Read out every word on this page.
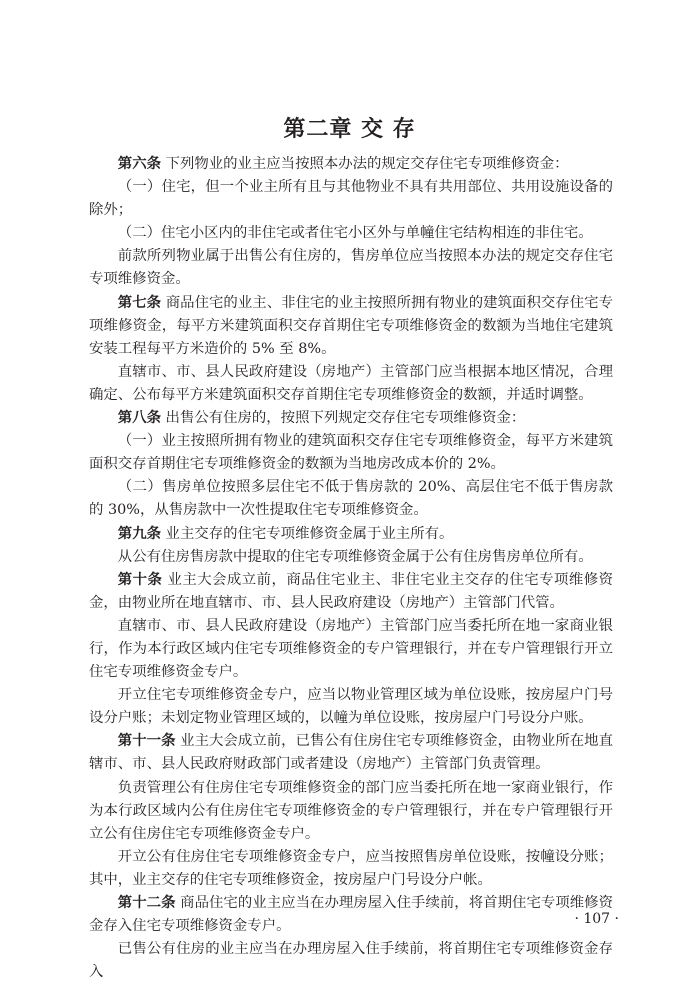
第二章 交 存

第六条 下列物业的业主应当按照本办法的规定交存住宅专项维修资金：

（一）住宅，但一个业主所有且与其他物业不具有共用部位、共用设施设备的除外；

（二）住宅小区内的非住宅或者住宅小区外与单幢住宅结构相连的非住宅。

前款所列物业属于出售公有住房的，售房单位应当按照本办法的规定交存住宅专项维修资金。

第七条 商品住宅的业主、非住宅的业主按照所拥有物业的建筑面积交存住宅专项维修资金，每平方米建筑面积交存首期住宅专项维修资金的数额为当地住宅建筑安装工程每平方米造价的 5% 至 8%。

直辖市、市、县人民政府建设（房地产）主管部门应当根据本地区情况，合理确定、公布每平方米建筑面积交存首期住宅专项维修资金的数额，并适时调整。

第八条 出售公有住房的，按照下列规定交存住宅专项维修资金：

（一）业主按照所拥有物业的建筑面积交存住宅专项维修资金，每平方米建筑面积交存首期住宅专项维修资金的数额为当地房改成本价的 2%。

（二）售房单位按照多层住宅不低于售房款的 20%、高层住宅不低于售房款的 30%，从售房款中一次性提取住宅专项维修资金。

第九条 业主交存的住宅专项维修资金属于业主所有。

从公有住房售房款中提取的住宅专项维修资金属于公有住房售房单位所有。

第十条 业主大会成立前，商品住宅业主、非住宅业主交存的住宅专项维修资金，由物业所在地直辖市、市、县人民政府建设（房地产）主管部门代管。

直辖市、市、县人民政府建设（房地产）主管部门应当委托所在地一家商业银行，作为本行政区域内住宅专项维修资金的专户管理银行，并在专户管理银行开立住宅专项维修资金专户。

开立住宅专项维修资金专户，应当以物业管理区域为单位设账，按房屋户门号设分户账；未划定物业管理区域的，以幢为单位设账，按房屋户门号设分户账。

第十一条 业主大会成立前，已售公有住房住宅专项维修资金，由物业所在地直辖市、市、县人民政府财政部门或者建设（房地产）主管部门负责管理。

负责管理公有住房住宅专项维修资金的部门应当委托所在地一家商业银行，作为本行政区域内公有住房住宅专项维修资金的专户管理银行，并在专户管理银行开立公有住房住宅专项维修资金专户。

开立公有住房住宅专项维修资金专户，应当按照售房单位设账，按幢设分账；其中，业主交存的住宅专项维修资金，按房屋户门号设分户帐。

第十二条 商品住宅的业主应当在办理房屋入住手续前，将首期住宅专项维修资金存入住宅专项维修资金专户。

已售公有住房的业主应当在办理房屋入住手续前，将首期住宅专项维修资金存入

· 107 ·
